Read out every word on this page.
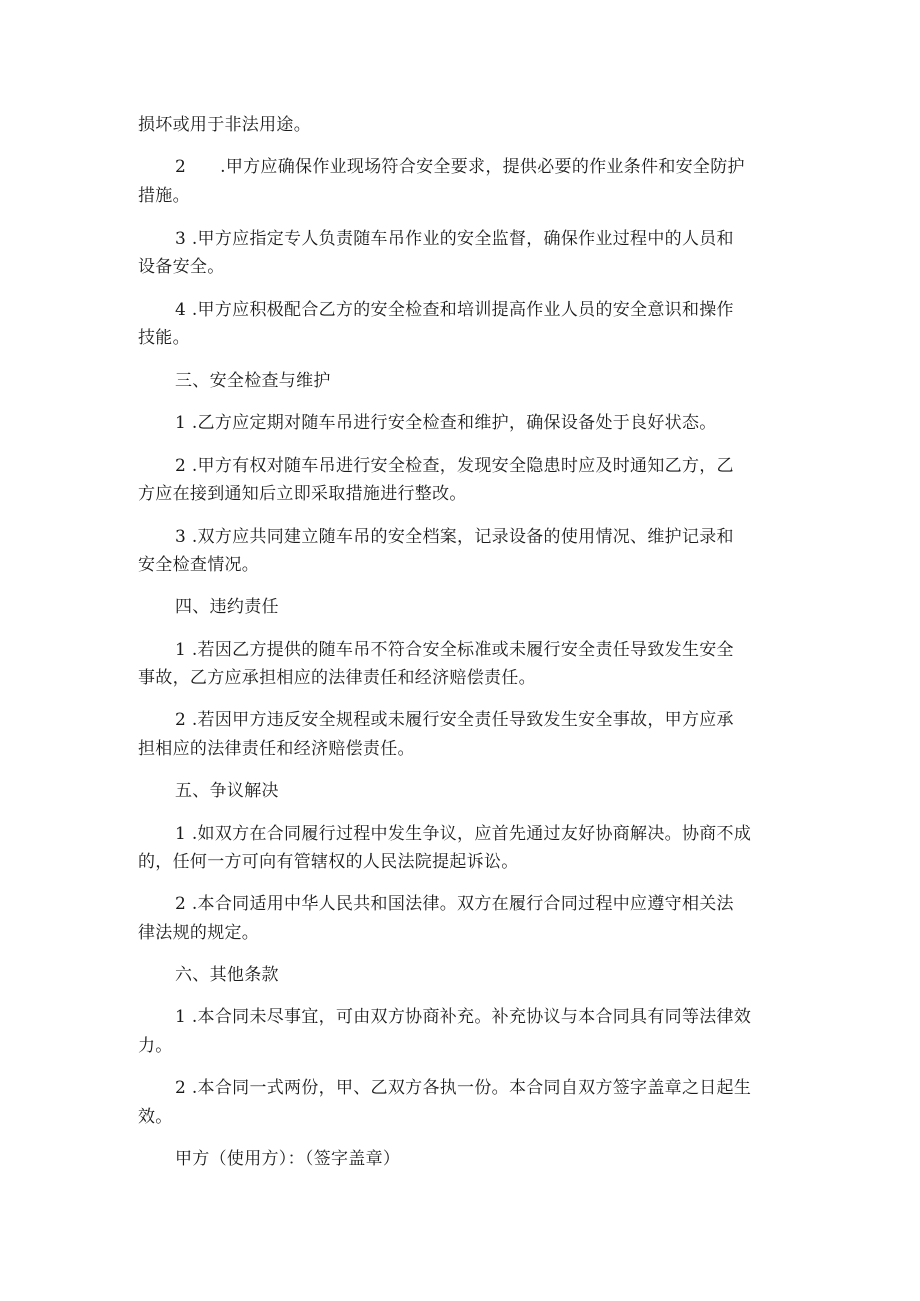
损坏或用于非法用途。
2 .甲方应确保作业现场符合安全要求，提供必要的作业条件和安全防护
措施。
3 .甲方应指定专人负责随车吊作业的安全监督，确保作业过程中的人员和
设备安全。
4 .甲方应积极配合乙方的安全检查和培训提高作业人员的安全意识和操作
技能。
三、安全检查与维护
1 .乙方应定期对随车吊进行安全检查和维护，确保设备处于良好状态。
2 .甲方有权对随车吊进行安全检查，发现安全隐患时应及时通知乙方，乙
方应在接到通知后立即采取措施进行整改。
3 .双方应共同建立随车吊的安全档案，记录设备的使用情况、维护记录和
安全检查情况。
四、违约责任
1 .若因乙方提供的随车吊不符合安全标准或未履行安全责任导致发生安全
事故，乙方应承担相应的法律责任和经济赔偿责任。
2 .若因甲方违反安全规程或未履行安全责任导致发生安全事故，甲方应承
担相应的法律责任和经济赔偿责任。
五、争议解决
1 .如双方在合同履行过程中发生争议，应首先通过友好协商解决。协商不成
的，任何一方可向有管辖权的人民法院提起诉讼。
2 .本合同适用中华人民共和国法律。双方在履行合同过程中应遵守相关法
律法规的规定。
六、其他条款
1 .本合同未尽事宜，可由双方协商补充。补充协议与本合同具有同等法律效
力。
2 .本合同一式两份，甲、乙双方各执一份。本合同自双方签字盖章之日起生
效。
甲方（使用方）：（签字盖章）
